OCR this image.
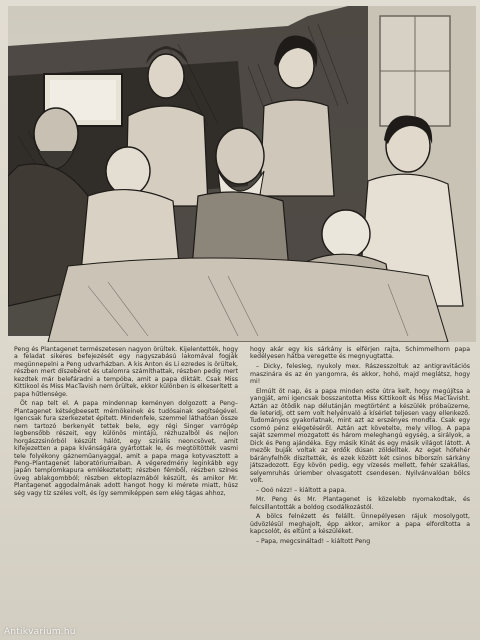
Peng és Plantagenet természetesen nagyon örültek. Kijelentették, hogy a feladat sikeres befejezését egy nagyszabású lakomával fogják megünnepelni a Peng udvarházban. A kis Anton és Li ezredes is örültek, részben mert díszebéret és utalomra számíthattak, részben pedig mert kezdtek már belefáradni a tempóba, amit a papa diktált. Csak Miss Kittikool és Miss MacTavish nem örültek, ekkor különben is elkeserített a papa hűtlensége.

Öt nap telt el. A papa mindennap keményen dolgozott a Peng–Plantagenet kétségbeesett mérnökeinek és tudósainak segítségével. Igencsak fura szerkezetet épített. Mindenfele, szemmel láthatóan össze nem tartozó berkenyét tettek bele, egy régi Singer varrógép legbensőbb részeit, egy különös mintájú, rézhuzalból és nejlon horgászzsinórból készült hálót, egy szirális neoncsövet, amit kifejezetten a papa kívánságára gyártottak le, és megtöltötték vasmi tele folyékony gázneműanyaggal, amit a papa maga kotyvasztott a Peng–Plantagenet laboratóriumaiban. A végeredmény leginkább egy japán templomkapura emlékeztetett; részben fémből, részben színes üveg ablakgombból; részben ektoplazmából készült, és amikor Mr. Plantagenet aggodalmának adott hangot hogy ki mérete miatt, húsz ség vagy tíz széles volt, és így semmiképpen sem elég tágas ahhoz,

hogy akár egy kis sárkány is elférjen rajta, Schimmelhorn papa kedélyesen hátba veregette és megnyugtatta.

– Dicky, felesleg, nyukoly mex. Rászesszoltuk az antigravitációs maszinára és az én yangomra, és akkor, hohó, majd meglátsz, hogy mi!

Elmúlt öt nap, és a papa minden este útra kelt, hogy megújítsa a yangját, ami igencsak bosszantotta Miss Kittikoolt és Miss MacTavisht. Aztán az ötödik nap délutánján megtörtént a készülék próbaüzeme, de leteridj, ott sem volt helyénvaló a kísérlet teljesen vagy ellenkező. Tudományos gyakorlatnak, mint azt az erszényes mondta. Csak egy csomó pénz elégetéséről. Aztán azt követelte, mely villog. A papa saját szemmel mozgatott és három meleghangú egység, a sirályok, a Dick és Peng ajándéka. Egy másik Kínát és egy másik világot látott. A mezők buják voltak az erdők dúsan zöldelltek. Az eget hófehér bárányfelhők díszítették, és ezek között két csinos bíborszín sárkány játszadozott. Egy kövön pedig, egy vízesés mellett, fehér szakállas, selyemruhás úriember olvasgatott csendesen. Nyilvánvalóan bölcs volt.

– Ooó nézz! – kiáltott a papa.

Mr. Peng és Mr. Plantagenet is közelebb nyomakodtak, és felcsillantották a boldog csodálkozástól.

A bölcs felnézett és felállt. Ünnepélyesen rájuk mosolygott, üdvözlésül meghajolt, épp akkor, amikor a papa elfordította a kapcsolót, és eltűnt a készüléket.

– Papa, megcsináltad! – kiáltott Peng

Antikvarium.hu
